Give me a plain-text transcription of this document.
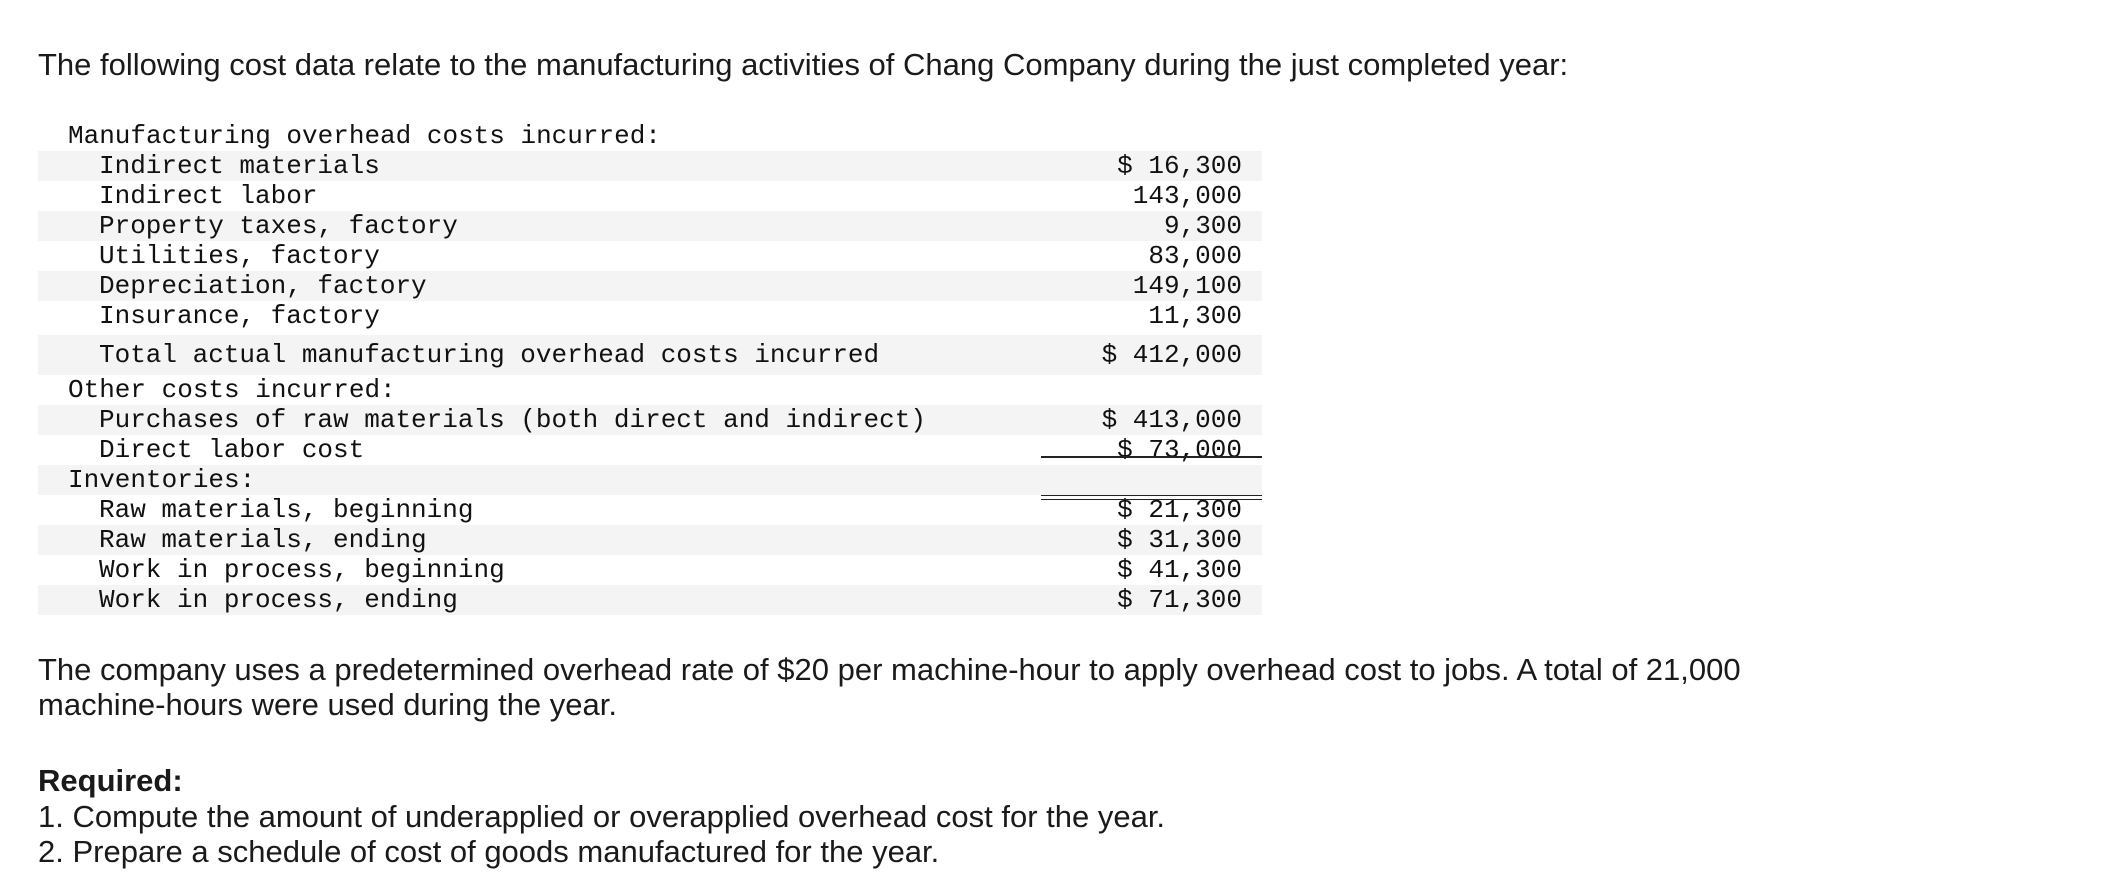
The following cost data relate to the manufacturing activities of Chang Company during the just completed year:

Manufacturing overhead costs incurred:
Indirect materials	$ 16,300
Indirect labor	143,000
Property taxes, factory	9,300
Utilities, factory	83,000
Depreciation, factory	149,100
Insurance, factory	11,300
Total actual manufacturing overhead costs incurred	$ 412,000
Other costs incurred:
Purchases of raw materials (both direct and indirect)	$ 413,000
Direct labor cost	$ 73,000
Inventories:
Raw materials, beginning	$ 21,300
Raw materials, ending	$ 31,300
Work in process, beginning	$ 41,300
Work in process, ending	$ 71,300

The company uses a predetermined overhead rate of $20 per machine-hour to apply overhead cost to jobs. A total of 21,000 machine-hours were used during the year.

Required:

1. Compute the amount of underapplied or overapplied overhead cost for the year.
2. Prepare a schedule of cost of goods manufactured for the year.
